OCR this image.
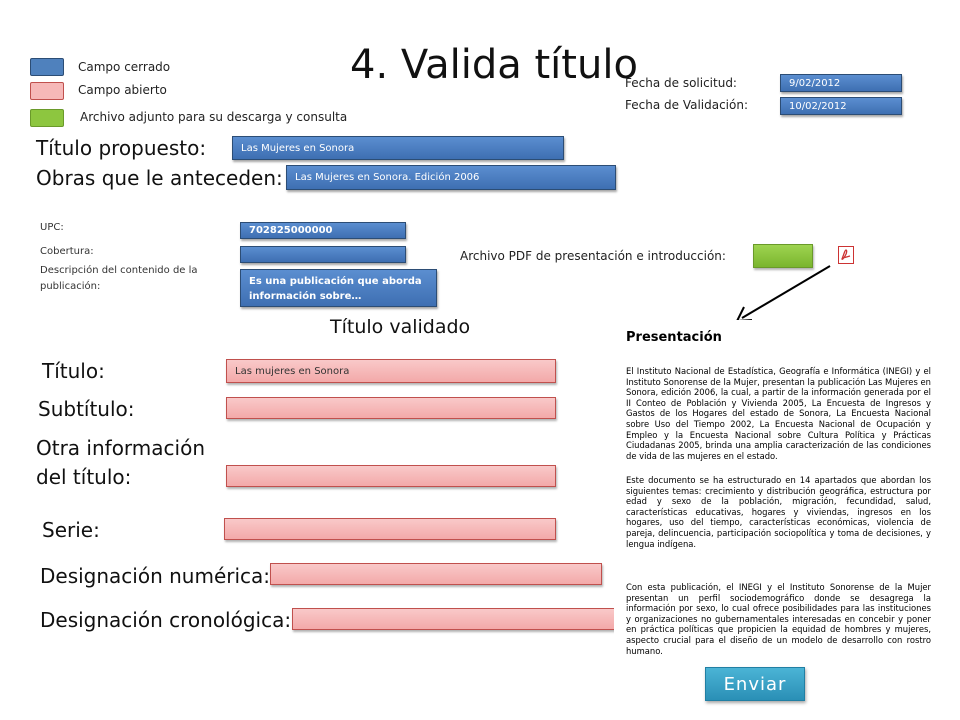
Campo cerrado
Campo abierto
Archivo adjunto para su descarga y consulta
4. Valida título
Fecha de solicitud:	9/02/2012
Fecha de Validación:	10/02/2012
Título propuesto:	Las Mujeres en Sonora
Obras que le anteceden:	Las Mujeres en Sonora. Edición 2006
UPC:	702825000000
Cobertura:
Descripción del contenido de la publicación:	Es una publicación que aborda información sobre…
Archivo PDF de presentación e introducción:
Título validado
Título:	Las mujeres en Sonora
Subtítulo:
Otra información
del título:
Serie:
Designación numérica:
Designación cronológica:
Presentación
El Instituto Nacional de Estadística, Geografía e Informática (INEGI) y el Instituto Sonorense de la Mujer, presentan la publicación Las Mujeres en Sonora, edición 2006, la cual, a partir de la información generada por el II Conteo de Población y Vivienda 2005, La Encuesta de Ingresos y Gastos de los Hogares del estado de Sonora, La Encuesta Nacional sobre Uso del Tiempo 2002, La Encuesta Nacional de Ocupación y Empleo y la Encuesta Nacional sobre Cultura Política y Prácticas Ciudadanas 2005, brinda una amplia caracterización de las condiciones de vida de las mujeres en el estado.
Este documento se ha estructurado en 14 apartados que abordan los siguientes temas: crecimiento y distribución geográfica, estructura por edad y sexo de la población, migración, fecundidad, salud, características educativas, hogares y viviendas, ingresos en los hogares, uso del tiempo, características económicas, violencia de pareja, delincuencia, participación sociopolítica y toma de decisiones, y lengua indígena.
Con esta publicación, el INEGI y el Instituto Sonorense de la Mujer presentan un perfil sociodemográfico donde se desagrega la información por sexo, lo cual ofrece posibilidades para las instituciones y organizaciones no gubernamentales interesadas en concebir y poner en práctica políticas que propicien la equidad de hombres y mujeres, aspecto crucial para el diseño de un modelo de desarrollo con rostro humano.
Enviar
